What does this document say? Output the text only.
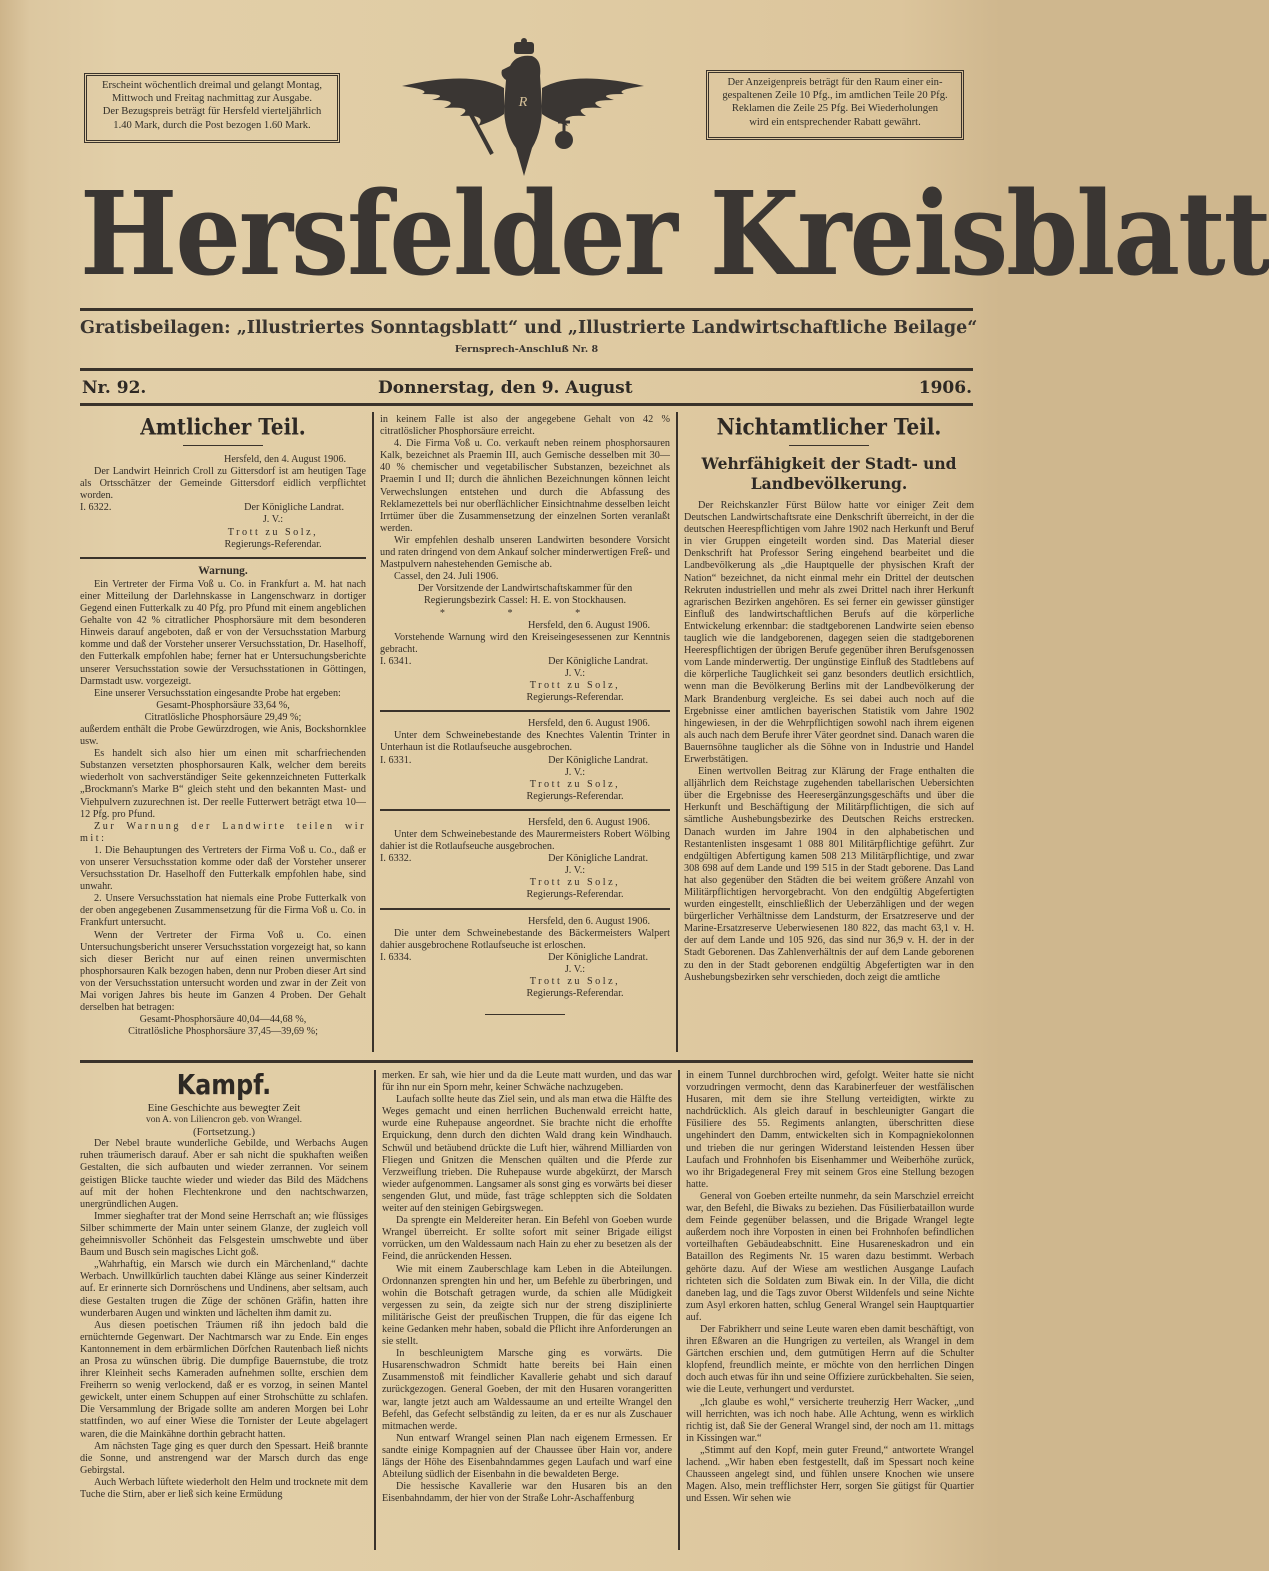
Erscheint wöchentlich dreimal und gelangt Montag,
Mittwoch und Freitag nachmittag zur Ausgabe.
Der Bezugspreis beträgt für Hersfeld vierteljährlich
1.40 Mark, durch die Post bezogen 1.60 Mark.
Der Anzeigenpreis beträgt für den Raum einer ein-
gespaltenen Zeile 10 Pfg., im amtlichen Teile 20 Pfg.
Reklamen die Zeile 25 Pfg. Bei Wiederholungen
wird ein entsprechender Rabatt gewährt.
R
Hersfelder Kreisblatt
Gratisbeilagen: „Illustriertes Sonntagsblatt“ und „Illustrierte Landwirtschaftliche Beilage“
Fernsprech-Anschluß Nr. 8
Nr. 92.	Donnerstag, den 9. August	1906.
Amtlicher Teil.
Hersfeld, den 4. August 1906.

Der Landwirt Heinrich Croll zu Gittersdorf ist am heutigen Tage als Ortsschätzer der Gemeinde Gittersdorf eidlich verpflichtet worden.

I. 6322.	Der Königliche Landrat.
J. V.:
Trott zu Solz,
Regierungs-Referendar.
Warnung.

Ein Vertreter der Firma Voß u. Co. in Frankfurt a. M. hat nach einer Mitteilung der Darlehnskasse in Langenschwarz in dortiger Gegend einen Futterkalk zu 40 Pfg. pro Pfund mit einem angeblichen Gehalte von 42 % citratlicher Phosphorsäure mit dem besonderen Hinweis darauf angeboten, daß er von der Versuchsstation Marburg komme und daß der Vorsteher unserer Versuchsstation, Dr. Haselhoff, den Futterkalk empfohlen habe; ferner hat er Untersuchungsberichte unserer Versuchsstation sowie der Versuchsstationen in Göttingen, Darmstadt usw. vorgezeigt.

Eine unserer Versuchsstation eingesandte Probe hat ergeben:

Gesamt-Phosphorsäure 33,64 %,
Citratlösliche Phosphorsäure 29,49 %;

außerdem enthält die Probe Gewürzdrogen, wie Anis, Bockshornklee usw.

Es handelt sich also hier um einen mit scharfriechenden Substanzen versetzten phosphorsauren Kalk, welcher dem bereits wiederholt von sachverständiger Seite gekennzeichneten Futterkalk „Brockmann's Marke B“ gleich steht und den bekannten Mast- und Viehpulvern zuzurechnen ist. Der reelle Futterwert beträgt etwa 10—12 Pfg. pro Pfund.

Zur Warnung der Landwirte teilen wir mit:

1. Die Behauptungen des Vertreters der Firma Voß u. Co., daß er von unserer Versuchsstation komme oder daß der Vorsteher unserer Versuchsstation Dr. Haselhoff den Futterkalk empfohlen habe, sind unwahr.

2. Unsere Versuchsstation hat niemals eine Probe Futterkalk von der oben angegebenen Zusammensetzung für die Firma Voß u. Co. in Frankfurt untersucht.

Wenn der Vertreter der Firma Voß u. Co. einen Untersuchungsbericht unserer Versuchsstation vorgezeigt hat, so kann sich dieser Bericht nur auf einen reinen unvermischten phosphorsauren Kalk bezogen haben, denn nur Proben dieser Art sind von der Versuchsstation untersucht worden und zwar in der Zeit von Mai vorigen Jahres bis heute im Ganzen 4 Proben. Der Gehalt derselben hat betragen:

Gesamt-Phosphorsäure 40,04—44,68 %,
Citratlösliche Phosphorsäure 37,45—39,69 %;

in keinem Falle ist also der angegebene Gehalt von 42 % citratlöslicher Phosphorsäure erreicht.

4. Die Firma Voß u. Co. verkauft neben reinem phosphorsauren Kalk, bezeichnet als Praemin III, auch Gemische desselben mit 30—40 % chemischer und vegetabilischer Substanzen, bezeichnet als Praemin I und II; durch die ähnlichen Bezeichnungen können leicht Verwechslungen entstehen und durch die Abfassung des Reklamezettels bei nur oberflächlicher Einsichtnahme desselben leicht Irrtümer über die Zusammensetzung der einzelnen Sorten veranlaßt werden.

Wir empfehlen deshalb unseren Landwirten besondere Vorsicht und raten dringend von dem Ankauf solcher minderwertigen Freß- und Mastpulvern nahestehenden Gemische ab.

Cassel, den 24. Juli 1906.

Der Vorsitzende der Landwirtschaftskammer für den
Regierungsbezirk Cassel: H. E. von Stockhausen.
* * *
Hersfeld, den 6. August 1906.

Vorstehende Warnung wird den Kreiseingesessenen zur Kenntnis gebracht.

I. 6341.	Der Königliche Landrat.
J. V.:
Trott zu Solz,
Regierungs-Referendar.
Hersfeld, den 6. August 1906.

Unter dem Schweinebestande des Knechtes Valentin Trinter in Unterhaun ist die Rotlaufseuche ausgebrochen.

I. 6331.	Der Königliche Landrat.
J. V.:
Trott zu Solz,
Regierungs-Referendar.
Hersfeld, den 6. August 1906.

Unter dem Schweinebestande des Maurermeisters Robert Wölbing dahier ist die Rotlaufseuche ausgebrochen.

I. 6332.	Der Königliche Landrat.
J. V.:
Trott zu Solz,
Regierungs-Referendar.
Hersfeld, den 6. August 1906.

Die unter dem Schweinebestande des Bäckermeisters Walpert dahier ausgebrochene Rotlaufseuche ist erloschen.

I. 6334.	Der Königliche Landrat.
J. V.:
Trott zu Solz,
Regierungs-Referendar.
Nichtamtlicher Teil.
Wehrfähigkeit der Stadt- und Landbevölkerung.

Der Reichskanzler Fürst Bülow hatte vor einiger Zeit dem Deutschen Landwirtschaftsrate eine Denkschrift überreicht, in der die deutschen Heerespflichtigen vom Jahre 1902 nach Herkunft und Beruf in vier Gruppen eingeteilt worden sind. Das Material dieser Denkschrift hat Professor Sering eingehend bearbeitet und die Landbevölkerung als „die Hauptquelle der physischen Kraft der Nation“ bezeichnet, da nicht einmal mehr ein Drittel der deutschen Rekruten industriellen und mehr als zwei Drittel nach ihrer Herkunft agrarischen Bezirken angehören. Es sei ferner ein gewisser günstiger Einfluß des landwirtschaftlichen Berufs auf die körperliche Entwickelung erkennbar: die stadtgeborenen Landwirte seien ebenso tauglich wie die landgeborenen, dagegen seien die stadtgeborenen Heerespflichtigen der übrigen Berufe gegenüber ihren Berufsgenossen vom Lande minderwertig. Der ungünstige Einfluß des Stadtlebens auf die körperliche Tauglichkeit sei ganz besonders deutlich ersichtlich, wenn man die Bevölkerung Berlins mit der Landbevölkerung der Mark Brandenburg vergleiche. Es sei dabei auch noch auf die Ergebnisse einer amtlichen bayerischen Statistik vom Jahre 1902 hingewiesen, in der die Wehrpflichtigen sowohl nach ihrem eigenen als auch nach dem Berufe ihrer Väter geordnet sind. Danach waren die Bauernsöhne tauglicher als die Söhne von in Industrie und Handel Erwerbstätigen.

Einen wertvollen Beitrag zur Klärung der Frage enthalten die alljährlich dem Reichstage zugehenden tabellarischen Uebersichten über die Ergebnisse des Heeresergänzungsgeschäfts und über die Herkunft und Beschäftigung der Militärpflichtigen, die sich auf sämtliche Aushebungsbezirke des Deutschen Reichs erstrecken. Danach wurden im Jahre 1904 in den alphabetischen und Restantenlisten insgesamt 1 088 801 Militärpflichtige geführt. Zur endgültigen Abfertigung kamen 508 213 Militärpflichtige, und zwar 308 698 auf dem Lande und 199 515 in der Stadt geborene. Das Land hat also gegenüber den Städten die bei weitem größere Anzahl von Militärpflichtigen hervorgebracht. Von den endgültig Abgefertigten wurden eingestellt, einschließlich der Ueberzähligen und der wegen bürgerlicher Verhältnisse dem Landsturm, der Ersatzreserve und der Marine-Ersatzreserve Ueberwiesenen 180 822, das macht 63,1 v. H. der auf dem Lande und 105 926, das sind nur 36,9 v. H. der in der Stadt Geborenen. Das Zahlenverhältnis der auf dem Lande geborenen zu den in der Stadt geborenen endgültig Abgefertigten war in den Aushebungsbezirken sehr verschieden, doch zeigt die amtliche

Kampf.
Eine Geschichte aus bewegter Zeit
von A. von Liliencron geb. von Wrangel.
(Fortsetzung.)

Der Nebel braute wunderliche Gebilde, und Werbachs Augen ruhen träumerisch darauf. Aber er sah nicht die spukhaften weißen Gestalten, die sich aufbauten und wieder zerrannen. Vor seinem geistigen Blicke tauchte wieder und wieder das Bild des Mädchens auf mit der hohen Flechtenkrone und den nachtschwarzen, unergründlichen Augen.

Immer sieghafter trat der Mond seine Herrschaft an; wie flüssiges Silber schimmerte der Main unter seinem Glanze, der zugleich voll geheimnisvoller Schönheit das Felsgestein umschwebte und über Baum und Busch sein magisches Licht goß.

„Wahrhaftig, ein Marsch wie durch ein Märchenland,“ dachte Werbach. Unwillkürlich tauchten dabei Klänge aus seiner Kinderzeit auf. Er erinnerte sich Dornröschens und Undinens, aber seltsam, auch diese Gestalten trugen die Züge der schönen Gräfin, hatten ihre wunderbaren Augen und winkten und lächelten ihm damit zu.

Aus diesen poetischen Träumen riß ihn jedoch bald die ernüchternde Gegenwart. Der Nachtmarsch war zu Ende. Ein enges Kantonnement in dem erbärmlichen Dörfchen Rautenbach ließ nichts an Prosa zu wünschen übrig. Die dumpfige Bauernstube, die trotz ihrer Kleinheit sechs Kameraden aufnehmen sollte, erschien dem Freiherrn so wenig verlockend, daß er es vorzog, in seinen Mantel gewickelt, unter einem Schuppen auf einer Strohschütte zu schlafen. Die Versammlung der Brigade sollte am anderen Morgen bei Lohr stattfinden, wo auf einer Wiese die Tornister der Leute abgelagert waren, die die Mainkähne dorthin gebracht hatten.

Am nächsten Tage ging es quer durch den Spessart. Heiß brannte die Sonne, und anstrengend war der Marsch durch das enge Gebirgstal.

Auch Werbach lüftete wiederholt den Helm und trocknete mit dem Tuche die Stirn, aber er ließ sich keine Ermüdung

merken. Er sah, wie hier und da die Leute matt wurden, und das war für ihn nur ein Sporn mehr, keiner Schwäche nachzugeben.

Laufach sollte heute das Ziel sein, und als man etwa die Hälfte des Weges gemacht und einen herrlichen Buchenwald erreicht hatte, wurde eine Ruhepause angeordnet. Sie brachte nicht die erhoffte Erquickung, denn durch den dichten Wald drang kein Windhauch. Schwül und betäubend drückte die Luft hier, während Milliarden von Fliegen und Gnitzen die Menschen quälten und die Pferde zur Verzweiflung trieben. Die Ruhepause wurde abgekürzt, der Marsch wieder aufgenommen. Langsamer als sonst ging es vorwärts bei dieser sengenden Glut, und müde, fast träge schleppten sich die Soldaten weiter auf den steinigen Gebirgswegen.

Da sprengte ein Meldereiter heran. Ein Befehl von Goeben wurde Wrangel überreicht. Er sollte sofort mit seiner Brigade eiligst vorrücken, um den Waldessaum nach Hain zu eher zu besetzen als der Feind, die anrückenden Hessen.

Wie mit einem Zauberschlage kam Leben in die Abteilungen. Ordonnanzen sprengten hin und her, um Befehle zu überbringen, und wohin die Botschaft getragen wurde, da schien alle Müdigkeit vergessen zu sein, da zeigte sich nur der streng disziplinierte militärische Geist der preußischen Truppen, die für das eigene Ich keine Gedanken mehr haben, sobald die Pflicht ihre Anforderungen an sie stellt.

In beschleunigtem Marsche ging es vorwärts. Die Husarenschwadron Schmidt hatte bereits bei Hain einen Zusammenstoß mit feindlicher Kavallerie gehabt und sich darauf zurückgezogen. General Goeben, der mit den Husaren vorangeritten war, langte jetzt auch am Waldessaume an und erteilte Wrangel den Befehl, das Gefecht selbständig zu leiten, da er es nur als Zuschauer mitmachen werde.

Nun entwarf Wrangel seinen Plan nach eigenem Ermessen. Er sandte einige Kompagnien auf der Chaussee über Hain vor, andere längs der Höhe des Eisenbahndammes gegen Laufach und warf eine Abteilung südlich der Eisenbahn in die bewaldeten Berge.

Die hessische Kavallerie war den Husaren bis an den Eisenbahndamm, der hier von der Straße Lohr-Aschaffenburg

in einem Tunnel durchbrochen wird, gefolgt. Weiter hatte sie nicht vorzudringen vermocht, denn das Karabinerfeuer der westfälischen Husaren, mit dem sie ihre Stellung verteidigten, wirkte zu nachdrücklich. Als gleich darauf in beschleunigter Gangart die Füsiliere des 55. Regiments anlangten, überschritten diese ungehindert den Damm, entwickelten sich in Kompagniekolonnen und trieben die nur geringen Widerstand leistenden Hessen über Laufach und Frohnhofen bis Eisenhammer und Weiberhöhe zurück, wo ihr Brigadegeneral Frey mit seinem Gros eine Stellung bezogen hatte.

General von Goeben erteilte nunmehr, da sein Marschziel erreicht war, den Befehl, die Biwaks zu beziehen. Das Füsilierbataillon wurde dem Feinde gegenüber belassen, und die Brigade Wrangel legte außerdem noch ihre Vorposten in einen bei Frohnhofen befindlichen vorteilhaften Gebäudeabschnitt. Eine Husareneskadron und ein Bataillon des Regiments Nr. 15 waren dazu bestimmt. Werbach gehörte dazu. Auf der Wiese am westlichen Ausgange Laufach richteten sich die Soldaten zum Biwak ein. In der Villa, die dicht daneben lag, und die Tags zuvor Oberst Wildenfels und seine Nichte zum Asyl erkoren hatten, schlug General Wrangel sein Hauptquartier auf.

Der Fabrikherr und seine Leute waren eben damit beschäftigt, von ihren Eßwaren an die Hungrigen zu verteilen, als Wrangel in dem Gärtchen erschien und, dem gutmütigen Herrn auf die Schulter klopfend, freundlich meinte, er möchte von den herrlichen Dingen doch auch etwas für ihn und seine Offiziere zurückbehalten. Sie seien, wie die Leute, verhungert und verdurstet.

„Ich glaube es wohl,“ versicherte treuherzig Herr Wacker, „und will herrichten, was ich noch habe. Alle Achtung, wenn es wirklich richtig ist, daß Sie der General Wrangel sind, der noch am 11. mittags in Kissingen war.“

„Stimmt auf den Kopf, mein guter Freund,“ antwortete Wrangel lachend. „Wir haben eben festgestellt, daß im Spessart noch keine Chausseen angelegt sind, und fühlen unsere Knochen wie unsere Magen. Also, mein trefflichster Herr, sorgen Sie gütigst für Quartier und Essen. Wir sehen wie
